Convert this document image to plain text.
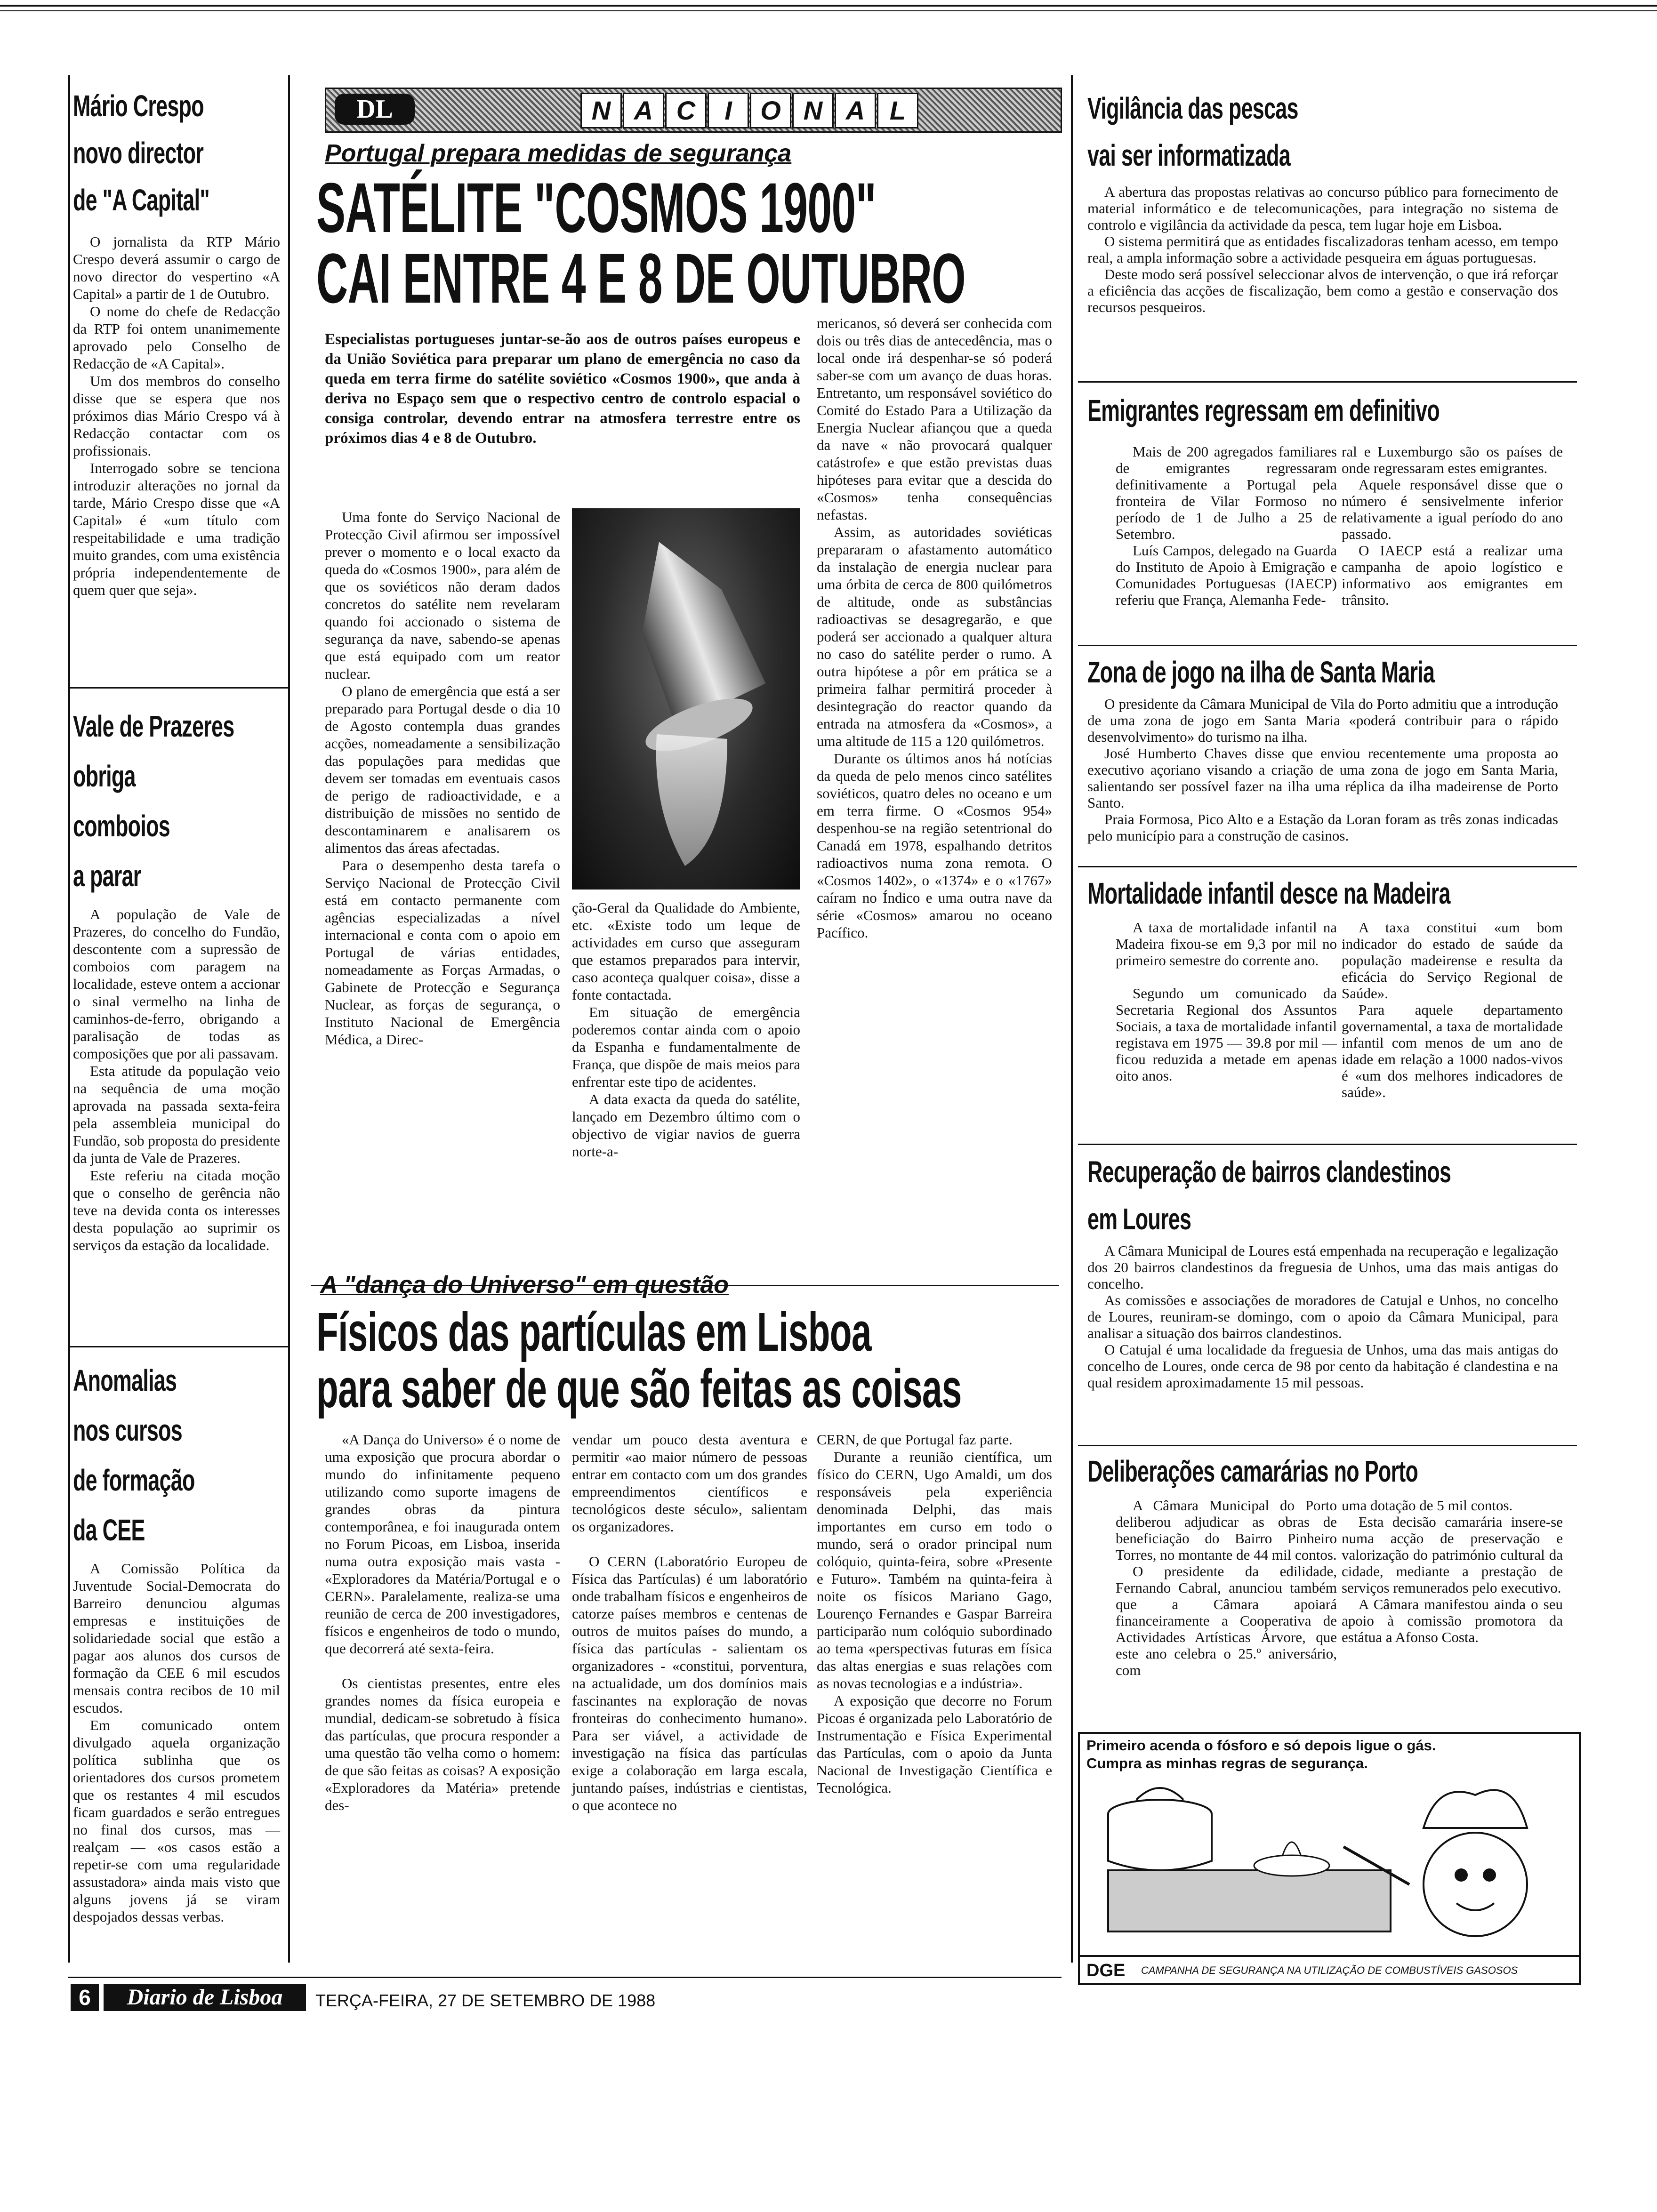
Mário Crespo
novo director
de "A Capital"

O jornalista da RTP Mário Crespo deverá assumir o cargo de novo director do vespertino «A Capital» a partir de 1 de Outubro.

O nome do chefe de Redacção da RTP foi ontem unanimemente aprovado pelo Conselho de Redacção de «A Capital».

Um dos membros do conselho disse que se espera que nos próximos dias Mário Crespo vá à Redacção contactar com os profissionais.

Interrogado sobre se tenciona introduzir alterações no jornal da tarde, Mário Crespo disse que «A Capital» é «um título com respeitabilidade e uma tradição muito grandes, com uma existência própria independentemente de quem quer que seja».

Vale de Prazeres
obriga
comboios
a parar

A população de Vale de Prazeres, do concelho do Fundão, descontente com a supressão de comboios com paragem na localidade, esteve ontem a accionar o sinal vermelho na linha de caminhos-de-ferro, obrigando a paralisação de todas as composições que por ali passavam.

Esta atitude da população veio na sequência de uma moção aprovada na passada sexta-feira pela assembleia municipal do Fundão, sob proposta do presidente da junta de Vale de Prazeres.

Este referiu na citada moção que o conselho de gerência não teve na devida conta os interesses desta população ao suprimir os serviços da estação da localidade.

Anomalias
nos cursos
de formação
da CEE

A Comissão Política da Juventude Social-Democrata do Barreiro denunciou algumas empresas e instituições de solidariedade social que estão a pagar aos alunos dos cursos de formação da CEE 6 mil escudos mensais contra recibos de 10 mil escudos.

Em comunicado ontem divulgado aquela organização política sublinha que os orientadores dos cursos prometem que os restantes 4 mil escudos ficam guardados e serão entregues no final dos cursos, mas — realçam — «os casos estão a repetir-se com uma regularidade assustadora» ainda mais visto que alguns jovens já se viram despojados dessas verbas.

DL	N A C	I	O N A L
Portugal prepara medidas de segurança
SATÉLITE "COSMOS 1900"
CAI ENTRE 4 E 8 DE OUTUBRO
Especialistas portugueses juntar-se-ão aos de outros países europeus e da União Soviética para preparar um plano de emergência no caso da queda em terra firme do satélite soviético «Cosmos 1900», que anda à deriva no Espaço sem que o respectivo centro de controlo espacial o consiga controlar, devendo entrar na atmosfera terrestre entre os próximos dias 4 e 8 de Outubro.

Uma fonte do Serviço Nacional de Protecção Civil afirmou ser impossível prever o momento e o local exacto da queda do «Cosmos 1900», para além de que os soviéticos não deram dados concretos do satélite nem revelaram quando foi accionado o sistema de segurança da nave, sabendo-se apenas que está equipado com um reator nuclear.

O plano de emergência que está a ser preparado para Portugal desde o dia 10 de Agosto contempla duas grandes acções, nomeadamente a sensibilização das populações para medidas que devem ser tomadas em eventuais casos de perigo de radioactividade, e a distribuição de missões no sentido de descontaminarem e analisarem os alimentos das áreas afectadas.

Para o desempenho desta tarefa o Serviço Nacional de Protecção Civil está em contacto permanente com agências especializadas a nível internacional e conta com o apoio em Portugal de várias entidades, nomeadamente as Forças Armadas, o Gabinete de Protecção e Segurança Nuclear, as forças de segurança, o Instituto Nacional de Emergência Médica, a Direc-

ção-Geral da Qualidade do Ambiente, etc. «Existe todo um leque de actividades em curso que asseguram que estamos preparados para intervir, caso aconteça qualquer coisa», disse a fonte contactada.

Em situação de emergência poderemos contar ainda com o apoio da Espanha e fundamentalmente de França, que dispõe de mais meios para enfrentar este tipo de acidentes.

A data exacta da queda do satélite, lançado em Dezembro último com o objectivo de vigiar navios de guerra norte-a-

mericanos, só deverá ser conhecida com dois ou três dias de antecedência, mas o local onde irá despenhar-se só poderá saber-se com um avanço de duas horas. Entretanto, um responsável soviético do Comité do Estado Para a Utilização da Energia Nuclear afiançou que a queda da nave « não provocará qualquer catástrofe» e que estão previstas duas hipóteses para evitar que a descida do «Cosmos» tenha consequências nefastas.

Assim, as autoridades soviéticas prepararam o afastamento automático da instalação de energia nuclear para uma órbita de cerca de 800 quilómetros de altitude, onde as substâncias radioactivas se desagregarão, e que poderá ser accionado a qualquer altura no caso do satélite perder o rumo. A outra hipótese a pôr em prática se a primeira falhar permitirá proceder à desintegração do reactor quando da entrada na atmosfera da «Cosmos», a uma altitude de 115 a 120 quilómetros.

Durante os últimos anos há notícias da queda de pelo menos cinco satélites soviéticos, quatro deles no oceano e um em terra firme. O «Cosmos 954» despenhou-se na região setentrional do Canadá em 1978, espalhando detritos radioactivos numa zona remota. O «Cosmos 1402», o «1374» e o «1767» caíram no Índico e uma outra nave da série «Cosmos» amarou no oceano Pacífico.

A "dança do Universo" em questão
Físicos das partículas em Lisboa
para saber de que são feitas as coisas

«A Dança do Universo» é o nome de uma exposição que procura abordar o mundo do infinitamente pequeno utilizando como suporte imagens de grandes obras da pintura contemporânea, e foi inaugurada ontem no Forum Picoas, em Lisboa, inserida numa outra exposição mais vasta - «Exploradores da Matéria/Portugal e o CERN». Paralelamente, realiza-se uma reunião de cerca de 200 investigadores, físicos e engenheiros de todo o mundo, que decorrerá até sexta-feira.

Os cientistas presentes, entre eles grandes nomes da física europeia e mundial, dedicam-se sobretudo à física das partículas, que procura responder a uma questão tão velha como o homem: de que são feitas as coisas? A exposição «Exploradores da Matéria» pretende des-

vendar um pouco desta aventura e permitir «ao maior número de pessoas entrar em contacto com um dos grandes empreendimentos científicos e tecnológicos deste século», salientam os organizadores.

O CERN (Laboratório Europeu de Física das Partículas) é um laboratório onde trabalham físicos e engenheiros de catorze países membros e centenas de outros de muitos países do mundo, a física das partículas - salientam os organizadores - «constitui, porventura, na actualidade, um dos domínios mais fascinantes na exploração de novas fronteiras do conhecimento humano». Para ser viável, a actividade de investigação na física das partículas exige a colaboração em larga escala, juntando países, indústrias e cientistas, o que acontece no

CERN, de que Portugal faz parte.

Durante a reunião científica, um físico do CERN, Ugo Amaldi, um dos responsáveis pela experiência denominada Delphi, das mais importantes em curso em todo o mundo, será o orador principal num colóquio, quinta-feira, sobre «Presente e Futuro». Também na quinta-feira à noite os físicos Mariano Gago, Lourenço Fernandes e Gaspar Barreira participarão num colóquio subordinado ao tema «perspectivas futuras em física das altas energias e suas relações com as novas tecnologias e a indústria».

A exposição que decorre no Forum Picoas é organizada pelo Laboratório de Instrumentação e Física Experimental das Partículas, com o apoio da Junta Nacional de Investigação Científica e Tecnológica.

Vigilância das pescas
vai ser informatizada

A abertura das propostas relativas ao concurso público para fornecimento de material informático e de telecomunicações, para integração no sistema de controlo e vigilância da actividade da pesca, tem lugar hoje em Lisboa.

O sistema permitirá que as entidades fiscalizadoras tenham acesso, em tempo real, a ampla informação sobre a actividade pesqueira em águas portuguesas.

Deste modo será possível seleccionar alvos de intervenção, o que irá reforçar a eficiência das acções de fiscalização, bem como a gestão e conservação dos recursos pesqueiros.

Emigrantes regressam em definitivo

Mais de 200 agregados familiares de emigrantes regressaram definitivamente a Portugal pela fronteira de Vilar Formoso no período de 1 de Julho a 25 de Setembro.

Luís Campos, delegado na Guarda do Instituto de Apoio à Emigração e Comunidades Portuguesas (IAECP) referiu que França, Alemanha Fede-

ral e Luxemburgo são os países de onde regressaram estes emigrantes.

Aquele responsável disse que o número é sensivelmente inferior relativamente a igual período do ano passado.

O IAECP está a realizar uma campanha de apoio logístico e informativo aos emigrantes em trânsito.

Zona de jogo na ilha de Santa Maria

O presidente da Câmara Municipal de Vila do Porto admitiu que a introdução de uma zona de jogo em Santa Maria «poderá contribuir para o rápido desenvolvimento» do turismo na ilha.

José Humberto Chaves disse que enviou recentemente uma proposta ao executivo açoriano visando a criação de uma zona de jogo em Santa Maria, salientando ser possível fazer na ilha uma réplica da ilha madeirense de Porto Santo.

Praia Formosa, Pico Alto e a Estação da Loran foram as três zonas indicadas pelo município para a construção de casinos.

Mortalidade infantil desce na Madeira

A taxa de mortalidade infantil na Madeira fixou-se em 9,3 por mil no primeiro semestre do corrente ano.

Segundo um comunicado da Secretaria Regional dos Assuntos Sociais, a taxa de mortalidade infantil registava em 1975 — 39.8 por mil — ficou reduzida a metade em apenas oito anos.

A taxa constitui «um bom indicador do estado de saúde da população madeirense e resulta da eficácia do Serviço Regional de Saúde».

Para aquele departamento governamental, a taxa de mortalidade infantil com menos de um ano de idade em relação a 1000 nados-vivos é «um dos melhores indicadores de saúde».

Recuperação de bairros clandestinos
em Loures

A Câmara Municipal de Loures está empenhada na recuperação e legalização dos 20 bairros clandestinos da freguesia de Unhos, uma das mais antigas do concelho.

As comissões e associações de moradores de Catujal e Unhos, no concelho de Loures, reuniram-se domingo, com o apoio da Câmara Municipal, para analisar a situação dos bairros clandestinos.

O Catujal é uma localidade da freguesia de Unhos, uma das mais antigas do concelho de Loures, onde cerca de 98 por cento da habitação é clandestina e na qual residem aproximadamente 15 mil pessoas.

Deliberações camarárias no Porto

A Câmara Municipal do Porto deliberou adjudicar as obras de beneficiação do Bairro Pinheiro Torres, no montante de 44 mil contos.

O presidente da edilidade, Fernando Cabral, anunciou também que a Câmara apoiará financeiramente a Cooperativa de Actividades Artísticas Árvore, que este ano celebra o 25.º aniversário, com

uma dotação de 5 mil contos.

Esta decisão camarária insere-se numa acção de preservação e valorização do património cultural da cidade, mediante a prestação de serviços remunerados pelo executivo.

A Câmara manifestou ainda o seu apoio à comissão promotora da estátua a Afonso Costa.

Primeiro acenda o fósforo e só depois ligue o gás.
Cumpra as minhas regras de segurança.
DGE CAMPANHA DE SEGURANÇA NA UTILIZAÇÃO DE COMBUSTÍVEIS GASOSOS
6	Diario de Lisboa	TERÇA-FEIRA, 27 DE SETEMBRO DE 1988
